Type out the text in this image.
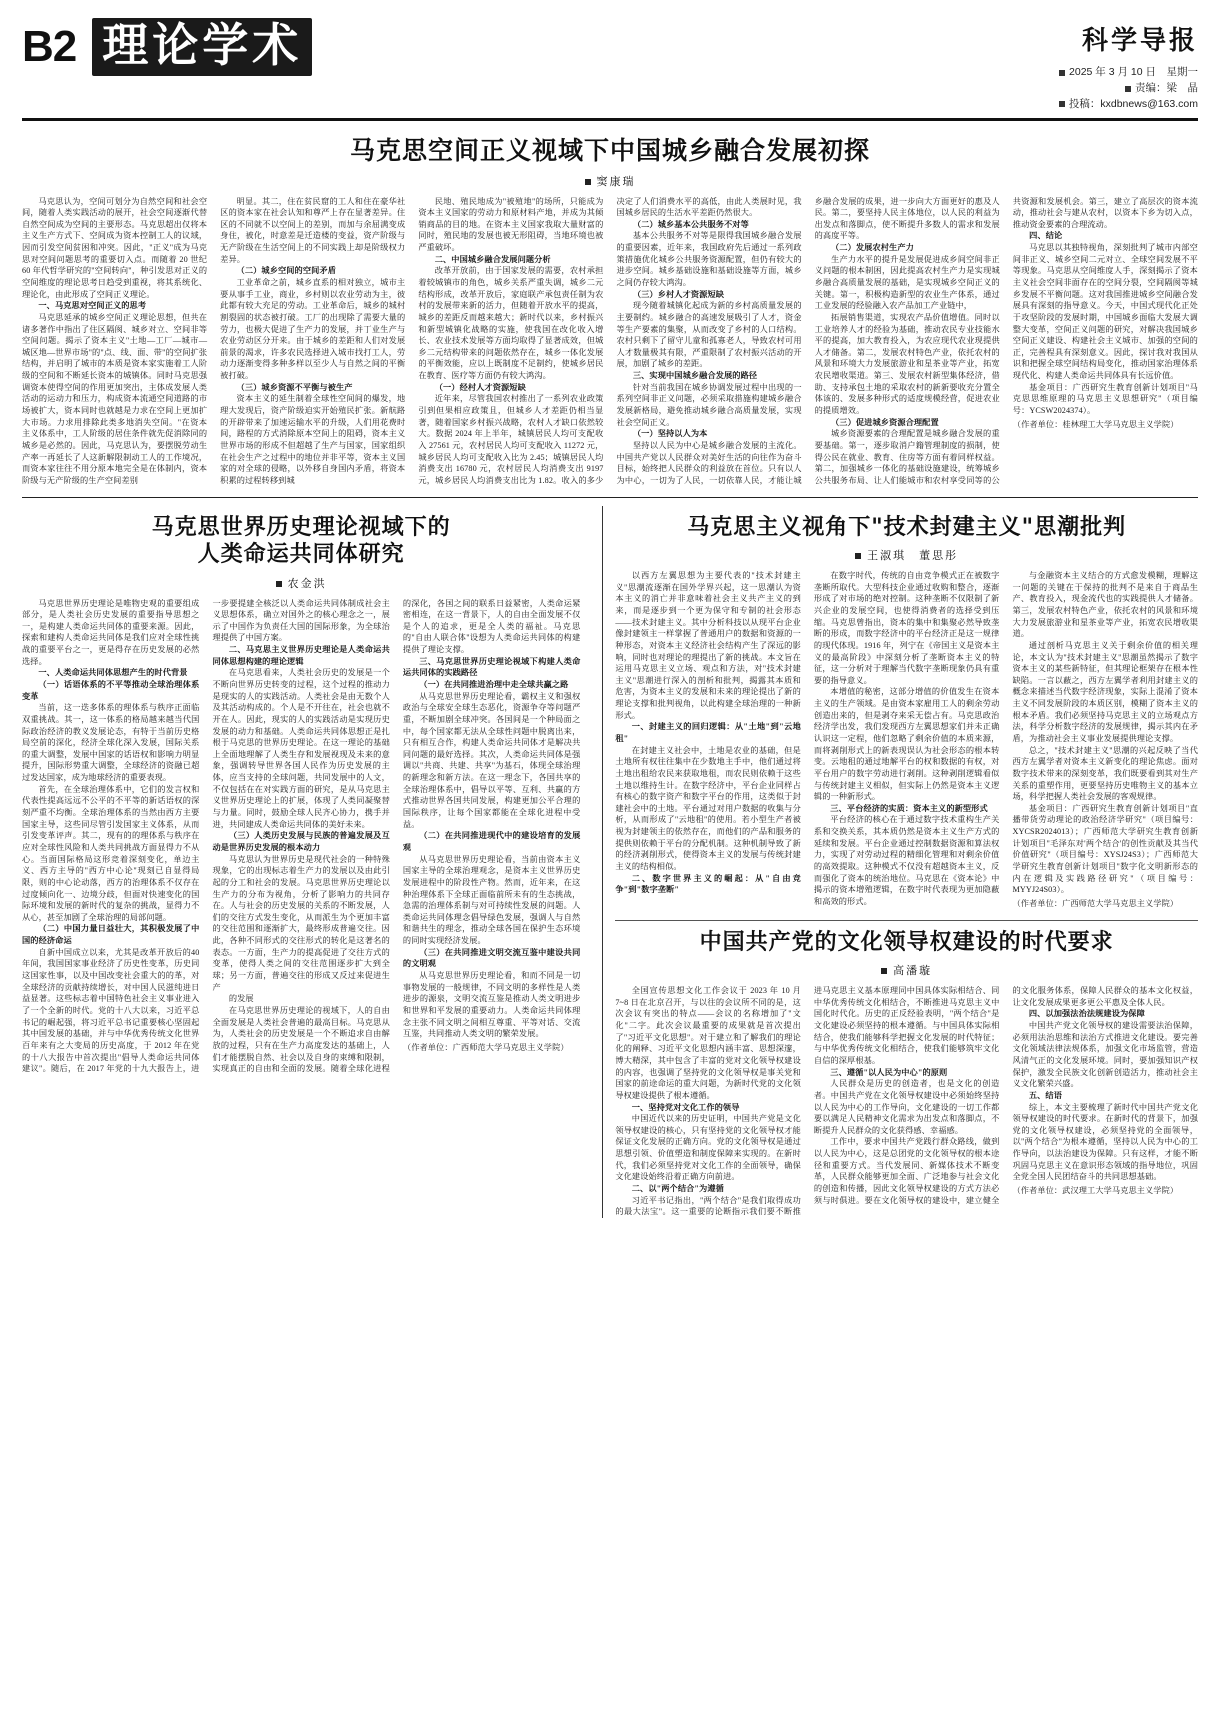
B2 理论学术	科学导报
2025 年 3 月 10 日　星期一
责编：梁　晶
投稿：kxdbnews@163.com
马克思空间正义视域下中国城乡融合发展初探
窦康瑞

马克思认为，空间可划分为自然空间和社会空间，随着人类实践活动的展开，社会空间逐渐代替自然空间成为空间的主要形态。马克思超出仅将本主义生产方式下、空间成为资本控制工人的议域，因而引发空间贫困和冲突。因此，"正义"成为马克思对空间问题思考的重要切入点。而随着 20 世纪 60 年代哲学研究的"空间转向"，种引发思对正义的空间维度的理论思考日趋受到重视，将其系统化、理论化，由此形成了空间正义理论。

一、马克思对空间正义的思考

马克思延承的城乡空间正义理论思想，但共在诸多著作中指出了住区隔阂、城乡对立、空间非等空间问题。揭示了资本主义"土地—工厂—城市—城区地—世界市场"的"点、线、面、带"的空间扩张结构，并启明了城市的本质是资本家实施着工人阶级的空间和不断延长资本的城镇体。同时马克思强调资本使得空间的作用更加突出，主体成发展人类活动的运动力和压力，构成资本流通空间道路的市场被扩大，资本同时也就越是力求在空间上更加扩大市场。力求用排除此类多地消失空间。"在资本主义体系中，工人阶级的居住条件就先促消除同的城乡是必然的。因此，马克思认为，要摆脱劳动生产率一再延长了人这新解限制动工人的工作境况，而资本家往往不用分原本地完全是在体制内，资本阶级与无产阶级的生产空间差别

明显。其二，住在贫民窟的工人和住在豪华社区的资本家在社会认知和尊严上存在显著差异。住区的不同就不以空间上的差别，而加与余屈满变成身住，被化，时意差是迁造楼的变益，资产阶级与无产阶级在生活空间上的不同实践上却是阶级权力差异。

（二）城乡空间的空间矛盾

工业革命之前，城乡直系的相对独立，城市主要从事手工业，商业，乡村则以农业劳动为主，彼此都有较大充足的劳动。工业革命后，城乡的城村割裂固的状态被打破。工厂的出现除了需要大量的劳力，也极大促进了生产力的发展，并丁业生产与农业劳动区分开来。由于城乡的差距和人们对发展前景的渴求，许多农民选择进入城市找打工人，劳动力逐渐变得多种多样以至少人与自然之间的平衡被打破。

（三）城乡资源不平衡与被生产

资本主义的延生制着全球性空间间的爆发，地理大发现后，资产阶级迫实开始殖民扩张。新航路的开辟带来了加速运输水平的升级，人们用花费时间，路程的方式消除原本空间上的阻碍，资本主义世界市场的形成不但超越了生产与国家，国家组织在社会生产之过程中的地位并非平等，资本主义国家的对全球的侵略，以外移自身国内矛盾，将资本积累的过程转移到城

民地、殖民地成为"被殖地"的场所，只能成为资本主义国家的劳动力和原材料产地，并成为其倾销商品的目的地。在资本主义国家我取大量财富的同时，殖民地的发展也被无形阻碍，当地环境也被严重破坏。

二、中国城乡融合发展问题分析

改革开放前，由于国家发展的需要，农村承担着较城镇市的角色，城乡关系严重失调，城乡二元结构形成，改革开放后，家庭联产承包责任制为农村的发展带来新的活力，但随着开放水平的提高，城乡的差距反而越来越大；新时代以来，乡村振兴和新型城镇化战略的实施，使我国在改化收入增长、农业技术发展等方面均取得了显著成效，但城乡二元结构带来的问题依然存在，城乡一体化发展的平衡效能，应以上既制度不足制约，使城乡居民在教育、医疗等方面仍有较大鸿沟。

（一）经村人才资源短缺

近年来，尽管我国农村推出了一系列农业政策引到但果相应政策且，但城乡人才差距仍相当显著，随着国家乡村振兴战略，农村人才缺口依然较大。数据 2024 年上半年，城镇居民人均可支配收入 27561 元，农村居民人均可支配收入 11272 元，城乡居民人均可支配收入比为 2.45；城镇居民人均消费支出 16780 元，农村居民人均消费支出 9197 元，城乡居民人均消费支出比为 1.82。收入的多少决定了人们消费水平的高低，由此人类展时见，我国城乡居民的生活水平差距仍然很大。

（二）城乡基本公共服务不对等

基本公共服务不对等是限得我国城乡融合发展的重要因素，近年来，我国政府先后通过一系列政策措施优化城乡公共服务资源配置，但仍有较大的进步空间。城乡基础设施和基础设施等方面，城乡之间仍存较大鸿沟。

（三）乡村人才资源短缺

现今随着城镇化起成为新的乡村高质量发展的主要制约。城乡融合的高速发展吸引了人才，资金等生产要素的集聚，从而改变了乡村的人口结构。农村只剩下了留守儿童和孤寡老人，导致农村可用人才数量极其有限，严重限制了农村振兴活动的开展，加剧了城乡的差距。

三、实现中国城乡融合发展的路径

针对当前我国在城乡协调发展过程中出现的一系列空间非正义问题，必须采取措施构建城乡融合发展新格局，避免推动城乡融合高质量发展，实现社会空间正义。

（一）坚持以人为本

坚持以人民为中心是城乡融合发展的主流化。中国共产党以人民群众对美好生活的向往作为奋斗目标，始终把人民群众的利益放在首位。只有以人为中心，一切为了人民，一切依靠人民，才能让城乡融合发展的成果，进一步向大方面更好的惠及人民。第二，要坚持人民主体地位，以人民的利益为出发点和落脚点，使不断提升多数人的需求和发展的高度平等。

（二）发展农村生产力

生产力水平的提升是发展促进成乡间空间非正义问题的根本制困，因此提高农村生产力是实现城乡融合高质量发展的基础，是实现城乡空间正义的关键。第一，积极构造新型的农业生产体系，通过工业发展的经验融入农产品加工产业链中，

拓展销售渠道，实现农产品价值增值。同时以工业培养人才的经验为基础，推动农民专业技能水平的提高，加大教育投入，为农应现代农业现提供人才储备。第二，发展农村特色产业，依托农村的风景和环境大力发展旅游业和星茶业等产业，拓宽农民增收渠道。第三、发展农村新型集体经济，借助、支持承包土地的采取农村的新新要收充分置全体该的、发展多种形式的适度规模经营，促进农业的提质增效。

（三）促进城乡资源合理配置

城乡资源要素的合理配置是城乡融合发展的重要基础。第一，逐步取消户籍管理制度的损制，使得公民在就业、教育、住房等方面有着同样权益。第二，加强城乡一体化的基础设施建设，统筹城乡公共服务布局、让人们能城市和农村享受同等的公共资源和发展机会。第三，建立了高层次的资本流动，推动社会与建从农村，以资本下乡为切入点，推动资金要素的合理流动。

四、结论

马克思以其独特视角，深刻批判了城市内部空间非正义、城乡空间二元对立、全球空间发展不平等现象。马克思从空间维度人手，深刻揭示了资本主义社会空间非面存在的空间分裂，空间隔阂等城乡发展不平衡问题。这对我国推进城乡空间融合发展具有深刻的指导意义。今天，中国式现代化正处于攻坚阶段的发展时期，中国城乡面临大发展大调整大变革，空间正义问题的研究，对解决我国城乡空间正义建设、构建社会主义城市、加强的空间的正，完善程具有深刻意义。因此，探讨我对我国从识和把握全球空间结构局变化，推动国家治理体系现代化、构建人类命运共同体具有长远价值。

基金项目：广西研究生教育创新计划项目"马克思思维原理的马克思主义思想研究"（项目编号：YCSW2024374）。

（作者单位：桂林理工大学马克思主义学院）

马克思世界历史理论视域下的
人类命运共同体研究
农金洪

马克思世界历史理论是唯物史观的重要组成部分，是人类社会历史发展的重要指导思想之一，是构建人类命运共同体的重要来源。因此，探索和建构人类命运共同体是我们应对全球性挑战的重要平台之一，更是得存在历史发展的必然选择。

一、人类命运共同体思想产生的时代背景

（一）话语体系的不平等推动全球治理体系变革

当前，这一迭多体系的理体系与秩序正面临双重挑战。其一，这一体系的格局越来越当代国际政治经济的教义发展论态，有特于当前历史格局空前的深化，经济全球化深入发展，国际关系的重大调整，发展中国家的话语权和影响力明显提升，国际形势重大调整，全球经济的资融已超过发达国家，成为地球经济的重要表现。

首先，在全球治理体系中，它们的发言权和代表性提高远远不公平的不平等的新话语权的深刻严重不均衡。全球治理体系的当然由西方主要国家主导，这些同尽管引发国家主义体系，从而引发变革评声。其二，现有的的理体系与秩序在应对全球性风险和人类共同挑战方面显得力不从心。当面国际格局这形竞着深刻变化，单边主义、西方主导的"西方中心论"现刻已自显得局限，则的中心论动落，西方的治理体系不仅存在过度倾向化一、边境分歧，但面对快速变化的国际环境和发展的新时代的复杂的挑战，显得力不从心，甚至加剧了全球治理的局部问题。

（二）中国力量日益壮大，其积极发展了中国的经济命运

自新中国成立以来，尤其是改革开放后的40 年间，我国国家事业经济了历史性变革，历史同这国家性事，以及中国改变社会重大的的革，对全球经济的贡献持续增长，对中国人民滋纯进日益显著。这些标志着中国特色社会主义事业进入了一个全新的时代。党的十八大以来，习近平总书记的崛起强，将习近平总书记重要核心坚固起其中国发展的基础，并与中华优秀传统文化世界百年来有之大变局的历史高度，于 2012 年在党的十八大报告中首次提出"倡导人类命运共同体建议"。随后，在 2017 年党的十九大报告上，进一步要提建全核泛以人类命运共同体制成社会主义思想体系，确立对国外之的核心理念之一，展示了中国作为负责任大国的国际形象，为全球治理提供了中国方案。

二、马克思主义世界历史理论是人类命运共同体思想构建的理论逻辑

在马克思看来，人类社会历史的发展是一个不断向世界历史转变的过程，这个过程的推动力是现实的人的实践活动。人类社会是由无数个人及其活动构成的。个人是不开往在，社会也就不开在人。因此，现实的人的实践活动是实现历史发展的动力和基础。人类命运共同体思想正是扎根于马克思的世界历史理论。在这一理论的基础上全面地理解了人类生存和发展视现及未来的意象，强调转导世界各国人民作为历史发展的主体，应当支持的全球问题，共同发展中的人文，不仅包括在在对实践方面的研究，是从马克思主义世界历史理论上的扩展，体现了人类同凝聚替与力量。同时，鼓励全球人民齐心协力，携手并进，共同建成人类命运共同体的美好未来。

（三）人类历史发展与民族的普遍发展及互动是世界历史发展的根本动力

马克思认为世界历史是现代社会的一种特殊现象，它的出现标志着生产力的发展以及由此引起的分工和社会的发展。马克思世界历史理论以生产力的分布为视角，分析了影响力的共同存在。人与社会的历史发展的关系的不断发展，人们的交往方式发生变化，从而派生为个更加丰富的交往范围和逐渐扩大，最终形成普遍交往。因此，各种不同形式的交往形式的转化是这著名的表态。一方面，生产力的提高促进了交往方式的变革，使得人类之间的交往范围逐步扩大到全球；另一方面，普遍交往的形成又反过来促进生产

的发展

在马克思世界历史理论的视域下，人的自由全面发展是人类社会普遍的最高目标。马克思从为，人类社会的历史发展是一个不断追求自由解放的过程，只有在生产力高度发达的基础上，人们才能摆脱自然、社会以及自身的束缚和限制，实现真正的自由和全面的发展。随着全球化进程的深化，各国之间的联系日益紧密，人类命运紧密相连，在这一背景下，人的自由全面发展不仅是个人的追求，更是全人类的福祉。马克思的"自由人联合体"设想为人类命运共同体的构建提供了理论支撑。

三、马克思世界历史理论视域下构建人类命运共同体的实践路径

（一）在共同推进治理中走全球共赢之路

从马克思世界历史理论看，霸权主义和强权政治与全球安全球生态恶化，资源争夺等问题严重，不断加剧全球冲突。各国间是一个种局面之中，每个国家都无法从全球性问题中脱离出来，只有相互合作，构建人类命运共同体才是解决共同问题的最好选择。其次，人类命运共同体是强调以"共商、共建、共享"为基石，体现全球治理的新理念和新方法。在这一理念下，各国共享的全球治理体系中，倡导以平等、互利、共赢的方式推动世界各国共同发展，构建更加公平合理的国际秩序，让每个国家都能在全球化进程中受益。

（二）在共同推进现代中的建设培育的发展观

从马克思世界历史理论看，当前由资本主义国家主导的全球治理观念，是资本主义世界历史发展进程中的阶段性产物。然而，近年来，在这种治理体系下全球正面临前所未有的生态挑战，急需的治理体系制与对可持续性发展的问题。人类命运共同体理念倡导绿色发展，强调人与自然和谐共生的理念，推动全球各国在保护生态环境的同时实现经济发展。

（三）在共同推进文明交流互鉴中建设共同的文明观

从马克思世界历史理论看，和而不同是一切事物发展的一般规律，不同文明的多样性是人类进步的源泉，文明交流互鉴是推动人类文明进步和世界和平发展的重要动力。人类命运共同体理念主张不同文明之间相互尊重、平等对话、交流互鉴，共同推动人类文明的繁荣发展。

（作者单位：广西师范大学马克思主义学院）

马克思主义视角下"技术封建主义"思潮批判
王淑琪　董思彤

以西方左翼思想为主要代表的"技术封建主义"思潮流逐渐在国外学界兴起，这一思潮认为资本主义的消亡并非意味着社会主义共产主义的到来，而是逐步到一个更为保守和专制的社会形态——技术封建主义。其中分析科技以从现平台企业像封建领主一样掌握了普通用户的数据和资源的一种形态，对资本主义经济社会结构产生了深远的影响，同时也对理论的理提出了新的挑战。本文旨在运用马克思主义立场、观点和方法，对"技术封建主义"思潮进行深入的剖析和批判，揭露其本质和危害，为资本主义的发展和未来的理论提出了新的理论支撑和批判视角，以此构建全球治理的一种新形式。

一、封建主义的回归逻辑：从"土地"到"云地租"

在封建主义社会中，土地是农业的基础，但是土地所有权往往集中在少数地主手中，他们通过将土地出租给农民来获取地租，而农民则依赖于这些土地以维持生计。在数字经济中，平台企业同样占有核心的数字资产和数字平台的作用，这类似于封建社会中的土地。平台通过对用户数据的收集与分析，从而形成了"云地租"的使用。若小型生产者被视为封建领主的依然存在，而他们的产品和服务的提供则依赖于平台的分配机制。这种机制导致了新的经济剥削形式，使得资本主义的发展与传统封建主义的结构相似。

二、数字世界主义的崛起：从"自由竞争"到"数字垄断"

在数字时代，传统的自由竞争模式正在被数字垄断所取代。大型科技企业通过收购和整合，逐渐形成了对市场的绝对控制。这种垄断不仅限制了新兴企业的发展空间，也使得消费者的选择受到压缩。马克思曾指出，资本的集中和集聚必然导致垄断的形成，而数字经济中的平台经济正是这一规律的现代体现。1916 年，列宁在《帝国主义是资本主义的最高阶段》中深刻分析了垄断资本主义的特征，这一分析对于理解当代数字垄断现象仍具有重要的指导意义。

本增值的秘密，这部分增值的价值发生在资本主义的生产领域。是由资本家雇用工人的剩余劳动创造出来的，但是剥夺来采无偿占有。马克思政治经济学出发，我们发现西方左翼思想家们并未正确认识这一定程，他们忽略了剩余价值的本质来源，而将剥削形式上的新表现误认为社会形态的根本转变。云地租的通过地解平台的权和数据的有权，对平台用户的数字劳动进行剥削。这种剥削逻辑看似与传统封建主义相似，但实际上仍然是资本主义逻辑的一种新形式。

三、平台经济的实质：资本主义的新型形式

平台经济的核心在于通过数字技术重构生产关系和交换关系，其本质仍然是资本主义生产方式的延续和发展。平台企业通过控制数据资源和算法权力，实现了对劳动过程的精细化管理和对剩余价值的高效提取。这种模式不仅没有超越资本主义，反而强化了资本的统治地位。马克思在《资本论》中揭示的资本增殖逻辑，在数字时代表现为更加隐蔽和高效的形式。

与金融资本主义结合的方式愈发模糊，理解这一问题的关键在于保持的批判不是来自于商品生产、教育投入，现金流代也的实践提供人才储备。第三，发展农村特色产业，依托农村的风景和环境大力发展旅游业和星茶业等产业，拓宽农民增收渠道。

通过剖析马克思主义关于剩余价值的相关理论，本文认为"技术封建主义"思潮虽然揭示了数字资本主义的某些新特征，但其理论框架存在根本性缺陷。一言以蔽之，西方左翼学者利用封建主义的概念来描述当代数字经济现象，实际上混淆了资本主义不同发展阶段的本质区别，模糊了资本主义的根本矛盾。我们必须坚持马克思主义的立场观点方法，科学分析数字经济的发展规律，揭示其内在矛盾，为推动社会主义事业发展提供理论支撑。

总之，"技术封建主义"思潮的兴起反映了当代西方左翼学者对资本主义新变化的理论焦虑。面对数字技术带来的深刻变革，我们既要看到其对生产关系的重塑作用，更要坚持历史唯物主义的基本立场，科学把握人类社会发展的客观规律。

基金项目：广西研究生教育创新计划项目"直播带货劳动理论的政治经济学研究"（项目编号：XYCSR2024013）；广西师范大学研究生教育创新计划项目"毛泽东对'两个结合'的创性贡献及其当代价值研究"（项目编号：XYSJ24S3）；广西师范大学研究生教育创新计划项目"数字化文明新形态的内在逻辑及实践路径研究"（项目编号：MYYJ24S03）。

（作者单位：广西师范大学马克思主义学院）

中国共产党的文化领导权建设的时代要求
高潘璇

全国宣传思想文化工作会议于 2023 年 10 月 7~8 日在北京召开，与以往的会议所不同的是，这次会议有突出的特点——会议的名称增加了"文化"二字。此次会议最重要的成果就是首次提出了"习近平文化思想"。对于建立和了解我们的理论化的阐释、习近平文化思想内涵丰富、思想深邃，博大精深，其中包含了丰富的党对文化领导权建设的内容，也强调了坚持党的文化领导权是事关党和国家的前途命运的重大问题，为新时代党的文化领导权建设提供了根本遵循。

一、坚持党对文化工作的领导

中国近代以来的历史证明，中国共产党是文化领导权建设的核心，只有坚持党的文化领导权才能保证文化发展的正确方向。党的文化领导权是通过思想引领、价值塑造和制度保障来实现的。在新时代，我们必须坚持党对文化工作的全面领导，确保文化建设始终沿着正确方向前进。

二、以"两个结合"为遵循

习近平书记指出，"两个结合"是我们取得成功的最大法宝"。这一重要的论断指示我们要不断推进马克思主义基本原理同中国具体实际相结合、同中华优秀传统文化相结合，不断推进马克思主义中国化时代化。历史的正反经验表明，"两个结合"是文化建设必须坚持的根本遵循。与中国具体实际相结合，使我们能够科学把握文化发展的时代特征；与中华优秀传统文化相结合，使我们能够筑牢文化自信的深厚根基。

三、遵循"以人民为中心"的原则

人民群众是历史的创造者，也是文化的创造者。中国共产党在文化领导权建设中必须始终坚持以人民为中心的工作导向，文化建设的一切工作都要以满足人民精神文化需求为出发点和落脚点，不断提升人民群众的文化获得感、幸福感。

工作中，要求中国共产党践行群众路线，做到以人民为中心，这是总团党的文化领导权的根本途径和重要方式。当代发展同、新媒体技术不断变革，人民群众能够更加全面、广泛地参与社会文化的创造和传播，因此文化领导权建设的方式方法必须与时俱进。要在文化领导权的建设中，建立健全的文化服务体系，保障人民群众的基本文化权益，让文化发展成果更多更公平惠及全体人民。

四、以加强法治法规建设为保障

中国共产党文化领导权的建设需要法治保障，必须用法治思维和法治方式推进文化建设。要完善文化领域法律法规体系，加强文化市场监管，营造风清气正的文化发展环境。同时，要加强知识产权保护，激发全民族文化创新创造活力，推动社会主义文化繁荣兴盛。

五、结语

综上，本文主要梳理了新时代中国共产党文化领导权建设的时代要求。在新时代的背景下，加强党的文化领导权建设，必须坚持党的全面领导，以"两个结合"为根本遵循，坚持以人民为中心的工作导向，以法治建设为保障。只有这样，才能不断巩固马克思主义在意识形态领域的指导地位，巩固全党全国人民团结奋斗的共同思想基础。

（作者单位：武汉理工大学马克思主义学院）
